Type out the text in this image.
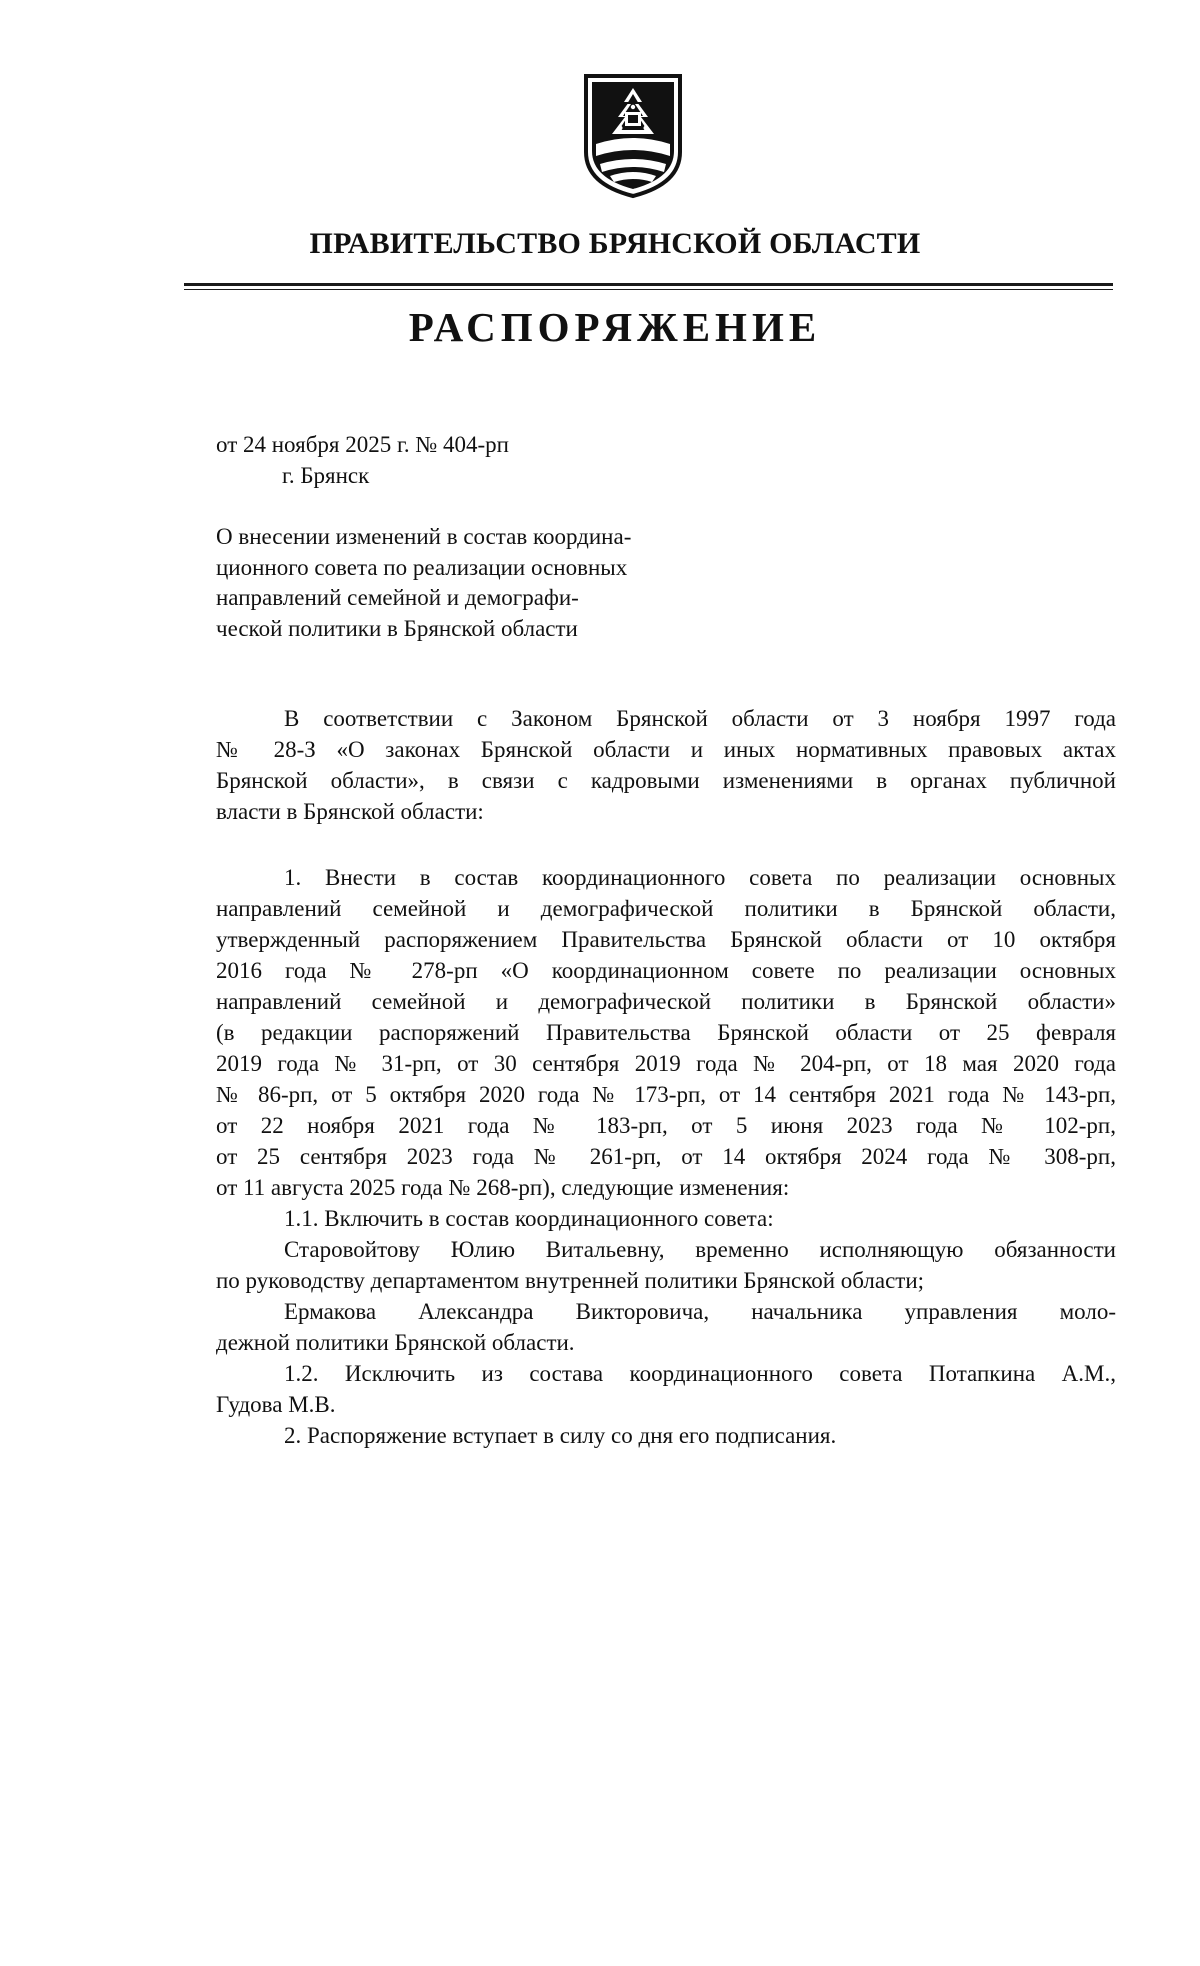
ПРАВИТЕЛЬСТВО БРЯНСКОЙ ОБЛАСТИ
РАСПОРЯЖЕНИЕ
от 24 ноября 2025 г. № 404-рп
г. Брянск
О внесении изменений в состав координа-
ционного совета по реализации основных
направлений семейной и демографи-
ческой политики в Брянской области
В соответствии с Законом Брянской области от 3 ноября 1997 года
№ 28-З «О законах Брянской области и иных нормативных правовых актах
Брянской области», в связи с кадровыми изменениями в органах публичной
власти в Брянской области:
1. Внести в состав координационного совета по реализации основных
направлений семейной и демографической политики в Брянской области,
утвержденный распоряжением Правительства Брянской области от 10 октября
2016 года № 278-рп «О координационном совете по реализации основных
направлений семейной и демографической политики в Брянской области»
(в редакции распоряжений Правительства Брянской области от 25 февраля
2019 года № 31-рп, от 30 сентября 2019 года № 204-рп, от 18 мая 2020 года
№ 86-рп, от 5 октября 2020 года № 173-рп, от 14 сентября 2021 года № 143-рп,
от 22 ноября 2021 года № 183-рп, от 5 июня 2023 года № 102-рп,
от 25 сентября 2023 года № 261-рп, от 14 октября 2024 года № 308-рп,
от 11 августа 2025 года № 268-рп), следующие изменения:
1.1. Включить в состав координационного совета:
Старовойтову Юлию Витальевну, временно исполняющую обязанности
по руководству департаментом внутренней политики Брянской области;
Ермакова Александра Викторовича, начальника управления моло-
дежной политики Брянской области.
1.2. Исключить из состава координационного совета Потапкина А.М.,
Гудова М.В.
2. Распоряжение вступает в силу со дня его подписания.
